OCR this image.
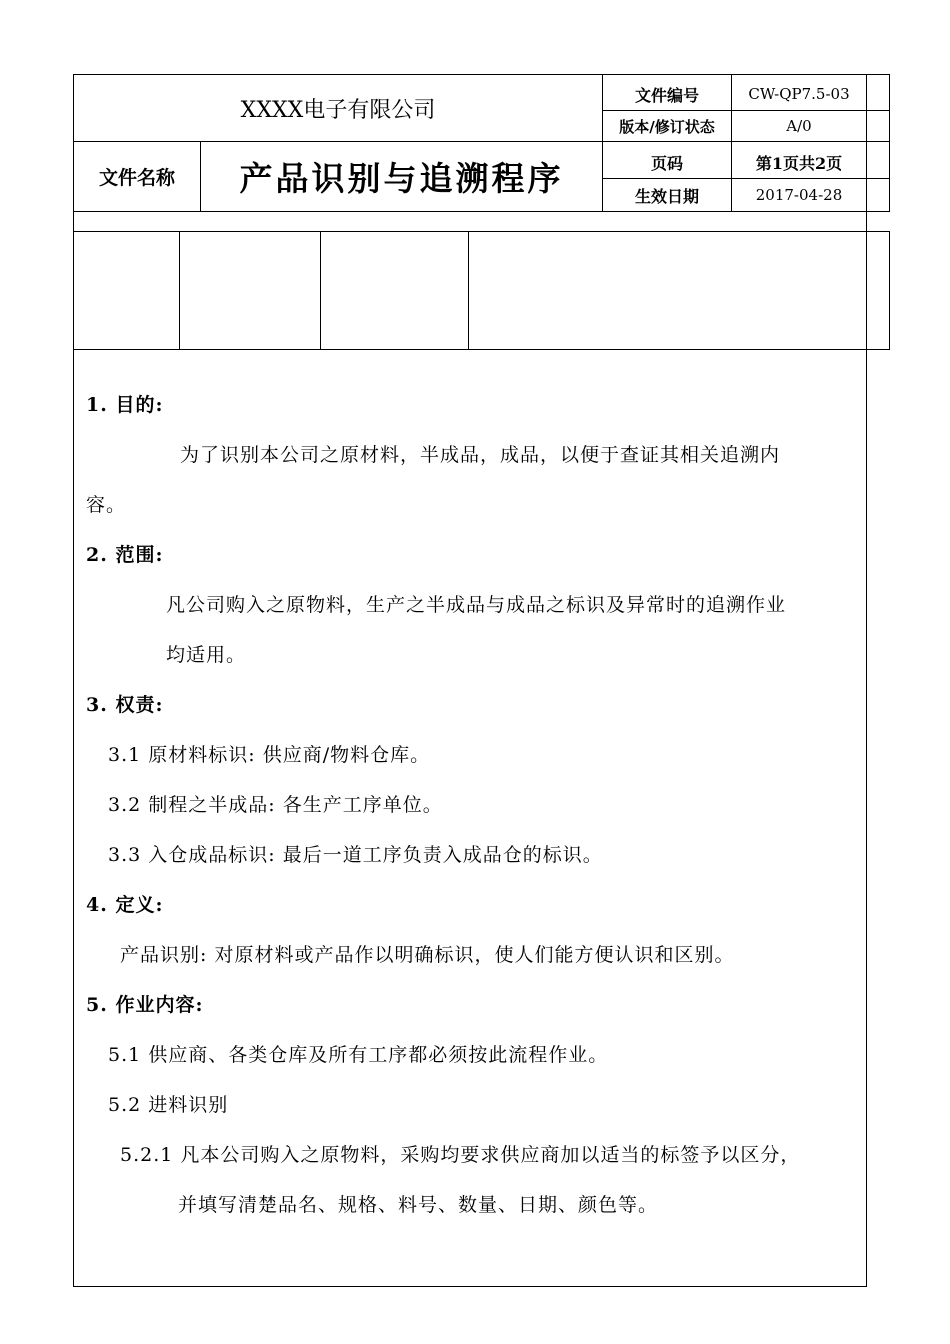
XXXX电子有限公司
文件编号	CW-QP7.5-03
版本/修订状态	A/0
文件名称	产品识别与追溯程序	页码	第1页共2页
生效日期	2017-04-28
1. 目的:
为了识别本公司之原材料，半成品，成品，以便于查证其相关追溯内
容。
2. 范围:
凡公司购入之原物料，生产之半成品与成品之标识及异常时的追溯作业
均适用。
3. 权责:
3.1 原材料标识: 供应商/物料仓库。
3.2 制程之半成品: 各生产工序单位。
3.3 入仓成品标识: 最后一道工序负责入成品仓的标识。
4. 定义:
产品识别: 对原材料或产品作以明确标识，使人们能方便认识和区别。
5. 作业内容:
5.1 供应商、各类仓库及所有工序都必须按此流程作业。
5.2 进料识别
5.2.1 凡本公司购入之原物料，采购均要求供应商加以适当的标签予以区分，
并填写清楚品名、规格、料号、数量、日期、颜色等。
